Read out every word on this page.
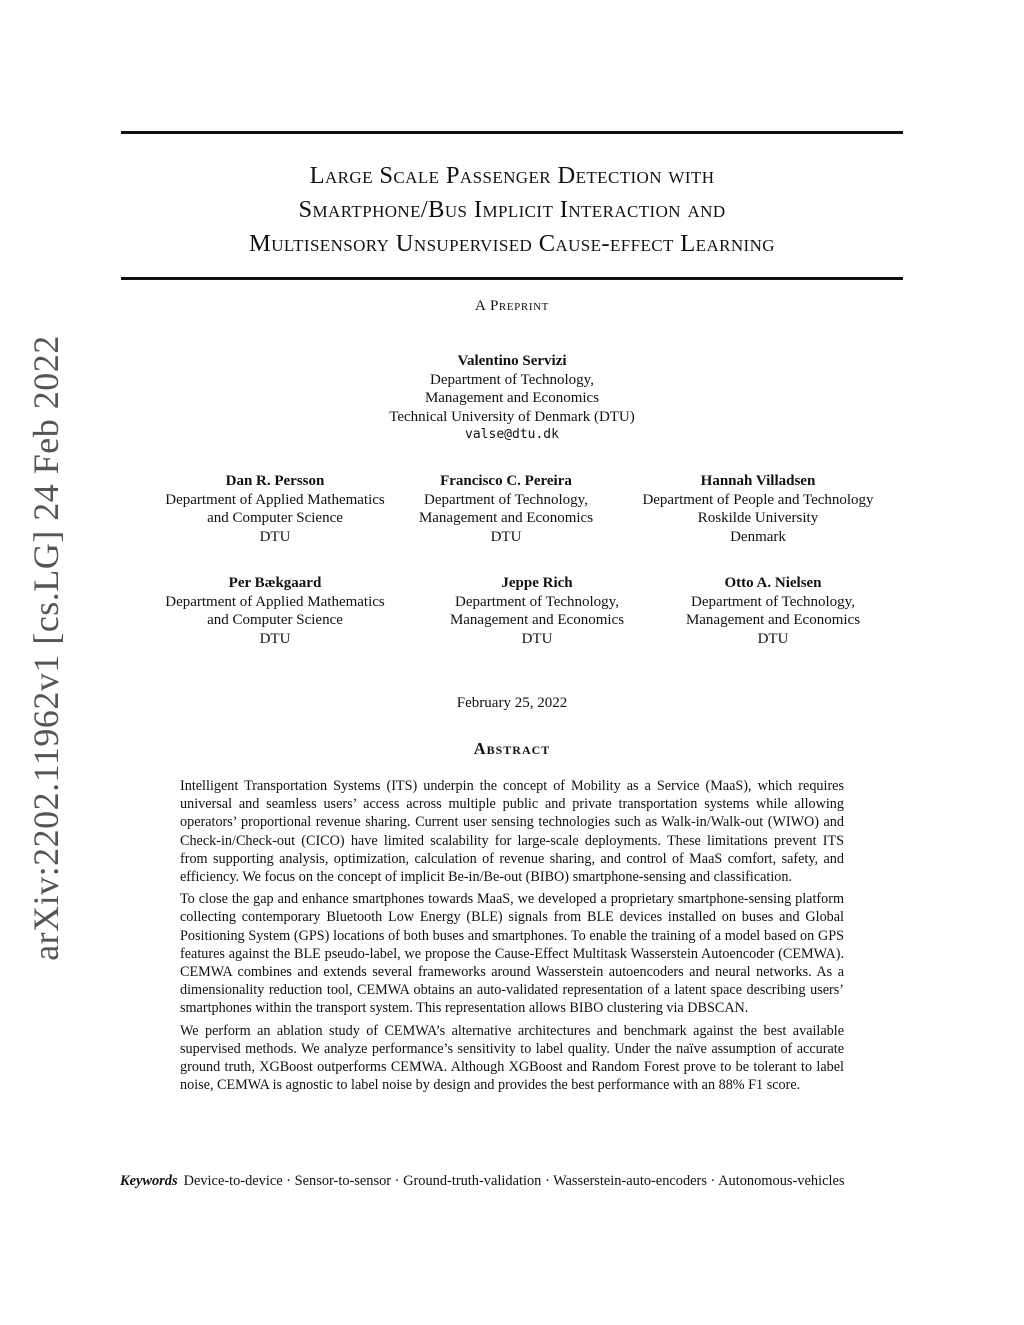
arXiv:2202.11962v1 [cs.LG] 24 Feb 2022
Large Scale Passenger Detection with
Smartphone/Bus Implicit Interaction and
Multisensory Unsupervised Cause-effect Learning
A Preprint
Valentino Servizi
Department of Technology,
Management and Economics
Technical University of Denmark (DTU)
valse@dtu.dk
Dan R. Persson
Department of Applied Mathematics
and Computer Science
DTU
Francisco C. Pereira
Department of Technology,
Management and Economics
DTU
Hannah Villadsen
Department of People and Technology
Roskilde University
Denmark
Per Bækgaard
Department of Applied Mathematics
and Computer Science
DTU
Jeppe Rich
Department of Technology,
Management and Economics
DTU
Otto A. Nielsen
Department of Technology,
Management and Economics
DTU
February 25, 2022
Abstract

Intelligent Transportation Systems (ITS) underpin the concept of Mobility as a Service (MaaS), which requires universal and seamless users’ access across multiple public and private transportation systems while allowing operators’ proportional revenue sharing. Current user sensing technologies such as Walk-in/Walk-out (WIWO) and Check-in/Check-out (CICO) have limited scalability for large-scale deployments. These limitations prevent ITS from supporting analysis, optimization, calculation of revenue sharing, and control of MaaS comfort, safety, and efficiency. We focus on the concept of implicit Be-in/Be-out (BIBO) smartphone-sensing and classification.

To close the gap and enhance smartphones towards MaaS, we developed a proprietary smartphone-sensing platform collecting contemporary Bluetooth Low Energy (BLE) signals from BLE devices installed on buses and Global Positioning System (GPS) locations of both buses and smartphones. To enable the training of a model based on GPS features against the BLE pseudo-label, we propose the Cause-Effect Multitask Wasserstein Autoencoder (CEMWA). CEMWA combines and extends several frameworks around Wasserstein autoencoders and neural networks. As a dimensionality reduction tool, CEMWA obtains an auto-validated representation of a latent space describing users’ smartphones within the transport system. This representation allows BIBO clustering via DBSCAN.

We perform an ablation study of CEMWA’s alternative architectures and benchmark against the best available supervised methods. We analyze performance’s sensitivity to label quality. Under the naïve assumption of accurate ground truth, XGBoost outperforms CEMWA. Although XGBoost and Random Forest prove to be tolerant to label noise, CEMWA is agnostic to label noise by design and provides the best performance with an 88% F1 score.

Keywords Device-to-device · Sensor-to-sensor · Ground-truth-validation · Wasserstein-auto-encoders · Autonomous-vehicles
